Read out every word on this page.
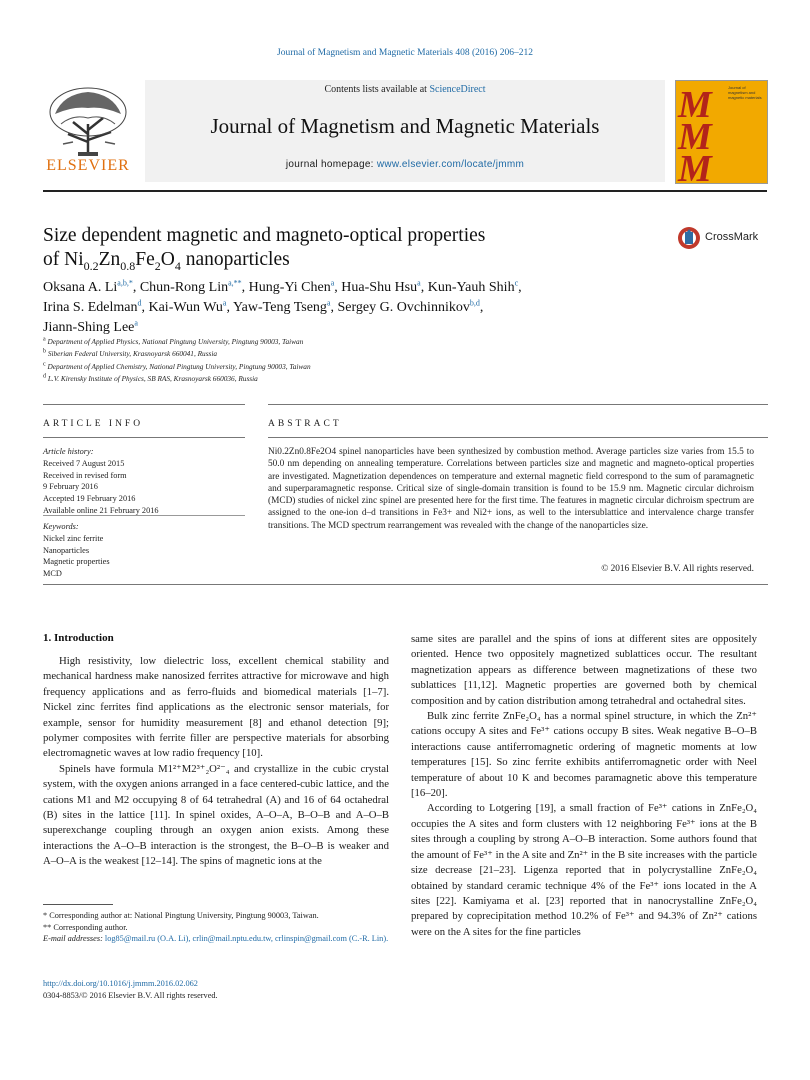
Journal of Magnetism and Magnetic Materials 408 (2016) 206–212
ELSEVIER
Contents lists available at ScienceDirect
Journal of Magnetism and Magnetic Materials
journal homepage: www.elsevier.com/locate/jmmm
M
M
M
Journal of magnetism and magnetic materials
CrossMark
Size dependent magnetic and magneto-optical properties
of $Ni_{0.2}Zn_{0.8}Fe_2O_4$ nanoparticles
Oksana A. $Li^{a,b,*}$, Chun-Rong Lin$^{a,**}$, Hung-Yi Chen$^a$, Hua-Shu Hsu$^a$, Kun-Yauh Shih$^c$,
Irina S. Edelman$^d$, Kai-Wun Wu$^a$, Yaw-Teng Tseng$^a$, Sergey G. Ovchinnikov$^{b,d}$,
Jiann-Shing Lee$^a$
$^a$ Department of Applied Physics, National Pingtung University, Pingtung 90003, Taiwan
$^b$ Siberian Federal University, Krasnoyarsk 660041, Russia
$^c$ Department of Applied Chemistry, National Pingtung University, Pingtung 90003, Taiwan
$^d$ L.V. Kirensky Institute of Physics, SB RAS, Krasnoyarsk 660036, Russia
ARTICLE INFO	ABSTRACT
Article history:
Received 7 August 2015
Received in revised form
9 February 2016
Accepted 19 February 2016
Available online 21 February 2016
Keywords:
Nickel zinc ferrite
Nanoparticles
Magnetic properties
MCD
Ni0.2Zn0.8Fe2O4 spinel nanoparticles have been synthesized by combustion method. Average particles size varies from 15.5 to 50.0 nm depending on annealing temperature. Correlations between particles size and magnetic and magneto-optical properties are investigated. Magnetization dependences on temperature and external magnetic field correspond to the sum of paramagnetic and superparamagnetic response. Critical size of single-domain transition is found to be 15.9 nm. Magnetic circular dichroism (MCD) studies of nickel zinc spinel are presented here for the first time. The features in magnetic circular dichroism spectrum are assigned to the one-ion d–d transitions in Fe3+ and Ni2+ ions, as well to the intersublattice and intervalence charge transfer transitions. The MCD spectrum rearrangement was revealed with the change of the nanoparticles size.
© 2016 Elsevier B.V. All rights reserved.
1. Introduction

High resistivity, low dielectric loss, excellent chemical stability and mechanical hardness make nanosized ferrites attractive for microwave and high frequency applications and as ferro-fluids and biomedical materials [1–7]. Nickel zinc ferrites find applications as the electronic sensor materials, for example, sensor for humidity measurement [8] and ethanol detection [9]; polymer composites with ferrite filler are perspective materials for absorbing electromagnetic waves at low radio frequency [10].

Spinels have formula M1²⁺M2³⁺₂O²⁻₄ and crystallize in the cubic crystal system, with the oxygen anions arranged in a face centered-cubic lattice, and the cations M1 and M2 occupying 8 of 64 tetrahedral (A) and 16 of 64 octahedral (B) sites in the lattice [11]. In spinel oxides, A–O–A, B–O–B and A–O–B superexchange coupling through an oxygen anion exists. Among these interactions the A–O–B interaction is the strongest, the B–O–B is weaker and A–O–A is the weakest [12–14]. The spins of magnetic ions at the

same sites are parallel and the spins of ions at different sites are oppositely oriented. Hence two oppositely magnetized sublattices occur. The resultant magnetization appears as difference between magnetizations of these two sublattices [11,12]. Magnetic properties are governed both by chemical composition and by cation distribution among tetrahedral and octahedral sites.

Bulk zinc ferrite ZnFe₂O₄ has a normal spinel structure, in which the Zn²⁺ cations occupy A sites and Fe³⁺ cations occupy B sites. Weak negative B–O–B interactions cause antiferromagnetic ordering of magnetic moments at low temperatures [15]. So zinc ferrite exhibits antiferromagnetic order with Neel temperature of about 10 K and becomes paramagnetic above this temperature [16–20].

According to Lotgering [19], a small fraction of Fe³⁺ cations in ZnFe₂O₄ occupies the A sites and form clusters with 12 neighboring Fe³⁺ ions at the B sites through a coupling by strong A–O–B interaction. Some authors found that the amount of Fe³⁺ in the A site and Zn²⁺ in the B site increases with the particle size decrease [21–23]. Ligenza reported that in polycrystalline ZnFe₂O₄ obtained by standard ceramic technique 4% of the Fe³⁺ ions located in the A sites [22]. Kamiyama et al. [23] reported that in nanocrystalline ZnFe₂O₄ prepared by coprecipitation method 10.2% of Fe³⁺ and 94.3% of Zn²⁺ cations were on the A sites for the fine particles

* Corresponding author at: National Pingtung University, Pingtung 90003, Taiwan.
** Corresponding author.
E-mail addresses: log85@mail.ru (O.A. Li), crlin@mail.nptu.edu.tw, crlinspin@gmail.com (C.-R. Lin).
http://dx.doi.org/10.1016/j.jmmm.2016.02.062
0304-8853/© 2016 Elsevier B.V. All rights reserved.
